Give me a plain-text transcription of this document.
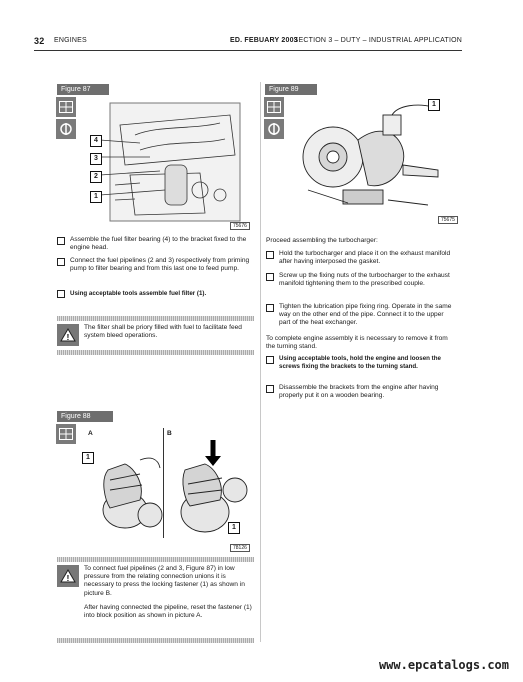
32 ENGINES	ED. FEBUARY 2003
SECTION 3 – DUTY – INDUSTRIAL APPLICATION
Figure 87
4
3
2
1
75676
Assemble the fuel filter bearing (4) to the bracket fixed to the engine head.
Connect the fuel pipelines (2 and 3) respectively from priming pump to filter bearing and from this last one to feed pump.
Using acceptable tools assemble fuel filter (1).
!
The filter shall be priory filled with fuel to facilitate feed system bleed operations.
Figure 88
A	B
1
1
78126
!
To connect fuel pipelines (2 and 3, Figure 87) in low pressure from the relating connection unions it is necessary to press the locking fastener (1) as shown in picture B.
After having connected the pipeline, reset the fastener (1) into block position as shown in picture A.
Figure 89
1
75675
Proceed assembling the turbocharger:
Hold the turbocharger and place it on the exhaust manifold after having interposed the gasket.
Screw up the fixing nuts of the turbocharger to the exhaust manifold tightening them to the prescribed couple.
Tighten the lubrication pipe fixing ring. Operate in the same way on the other end of the pipe. Connect it to the upper part of the heat exchanger.
To complete engine assembly it is necessary to remove it from the turning stand.
Using acceptable tools, hold the engine and loosen the screws fixing the brackets to the turning stand.
Disassemble the brackets from the engine after having properly put it on a wooden bearing.
www.epcatalogs.com
